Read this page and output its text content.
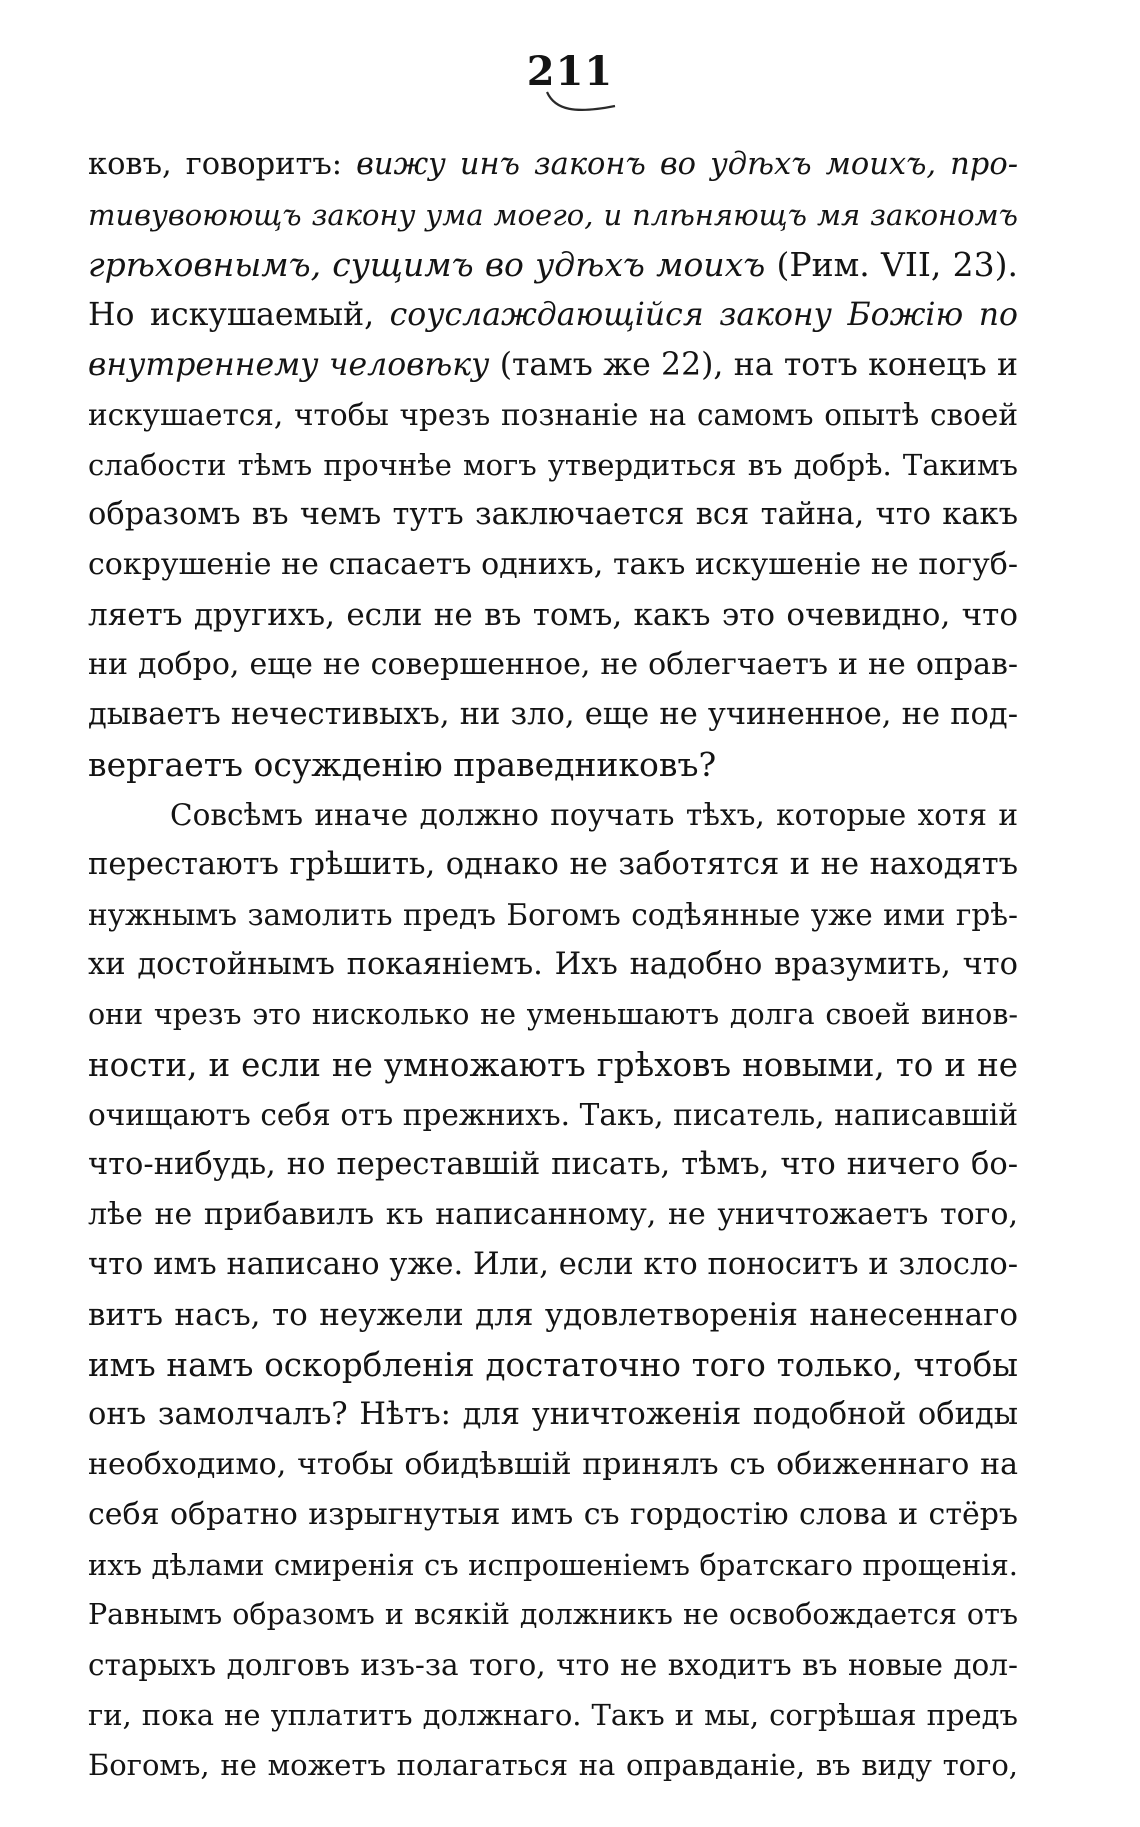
211
ковъ, говоритъ: вижу инъ законъ во удѣхъ моихъ, про-
тивувоюющъ закону ума моего, и плѣняющъ мя закономъ
грѣховнымъ, сущимъ во удѣхъ моихъ (Рим. VII, 23).
Но искушаемый, соуслаждающійся закону Божію по
внутреннему человѣку (тамъ же 22), на тотъ конецъ и
искушается, чтобы чрезъ познаніе на самомъ опытѣ своей
слабости тѣмъ прочнѣе могъ утвердиться въ добрѣ. Такимъ
образомъ въ чемъ тутъ заключается вся тайна, что какъ
сокрушеніе не спасаетъ однихъ, такъ искушеніе не погуб-
ляетъ другихъ, если не въ томъ, какъ это очевидно, что
ни добро, еще не совершенное, не облегчаетъ и не оправ-
дываетъ нечестивыхъ, ни зло, еще не учиненное, не под-
вергаетъ осужденію праведниковъ?
Совсѣмъ иначе должно поучать тѣхъ, которые хотя и
перестаютъ грѣшить, однако не заботятся и не находятъ
нужнымъ замолить предъ Богомъ содѣянные уже ими грѣ-
хи достойнымъ покаяніемъ. Ихъ надобно вразумить, что
они чрезъ это нисколько не уменьшаютъ долга своей винов-
ности, и если не умножаютъ грѣховъ новыми, то и не
очищаютъ себя отъ прежнихъ. Такъ, писатель, написавшій
что-нибудь, но переставшій писать, тѣмъ, что ничего бо-
лѣе не прибавилъ къ написанному, не уничтожаетъ того,
что имъ написано уже. Или, если кто поноситъ и злосло-
витъ насъ, то неужели для удовлетворенія нанесеннаго
имъ намъ оскорбленія достаточно того только, чтобы
онъ замолчалъ? Нѣтъ: для уничтоженія подобной обиды
необходимо, чтобы обидѣвшій принялъ съ обиженнаго на
себя обратно изрыгнутыя имъ съ гордостію слова и стёръ
ихъ дѣлами смиренія съ испрошеніемъ братскаго прощенія.
Равнымъ образомъ и всякій должникъ не освобождается отъ
старыхъ долговъ изъ-за того, что не входитъ въ новые дол-
ги, пока не уплатитъ должнаго. Такъ и мы, согрѣшая предъ
Богомъ, не можетъ полагаться на оправданіе, въ виду того,
